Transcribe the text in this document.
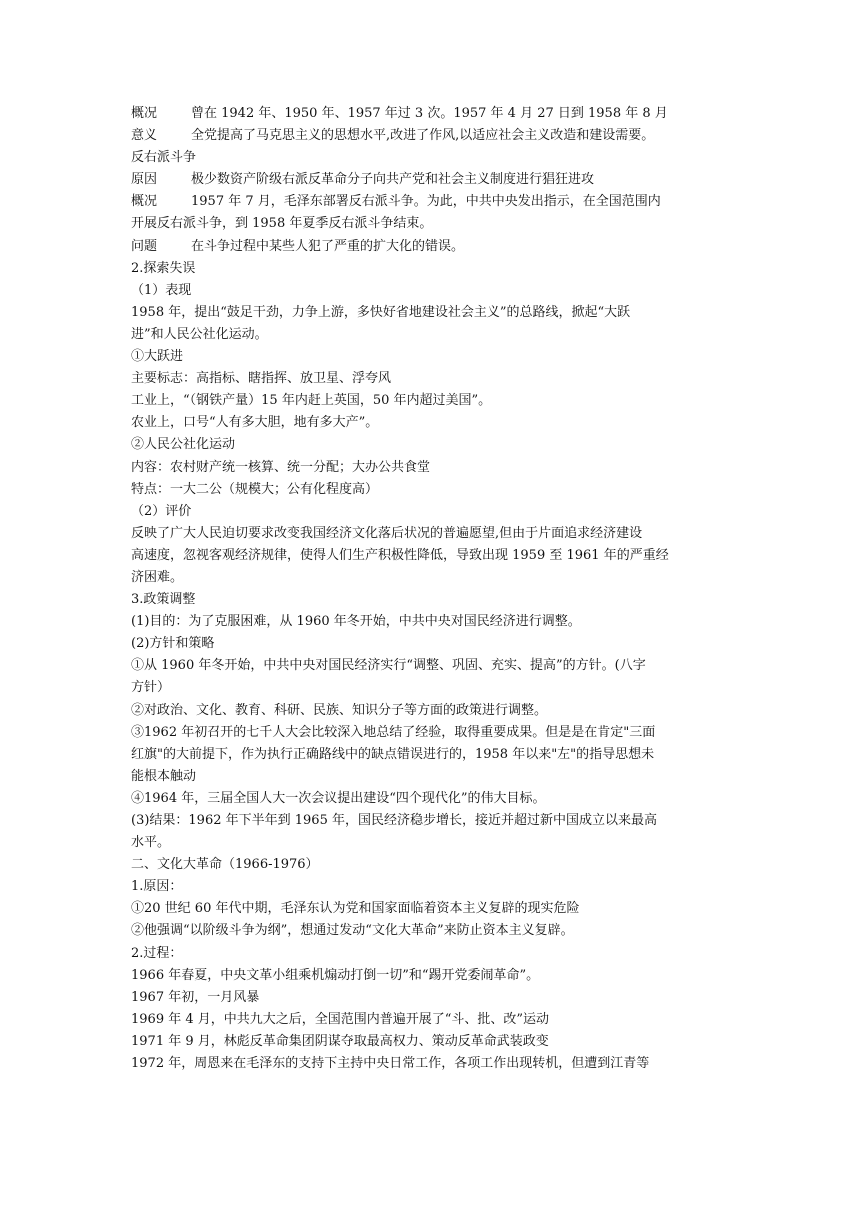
概况	曾在 1942 年、1950 年、1957 年过 3 次。1957 年 4 月 27 日到 1958 年 8 月
意义	全党提高了马克思主义的思想水平,改进了作风,以适应社会主义改造和建设需要。
反右派斗争
原因	极少数资产阶级右派反革命分子向共产党和社会主义制度进行猖狂进攻
概况	1957 年 7 月，毛泽东部署反右派斗争。为此，中共中央发出指示，在全国范围内
开展反右派斗争，到 1958 年夏季反右派斗争结束。
问题	在斗争过程中某些人犯了严重的扩大化的错误。
2.探索失误
（1）表现
1958 年，提出“鼓足干劲，力争上游，多快好省地建设社会主义”的总路线，掀起“大跃
进”和人民公社化运动。
①大跃进
主要标志：高指标、瞎指挥、放卫星、浮夸风
工业上，“（钢铁产量）15 年内赶上英国，50 年内超过美国”。
农业上，口号“人有多大胆，地有多大产”。
②人民公社化运动
内容：农村财产统一核算、统一分配；大办公共食堂
特点：一大二公（规模大；公有化程度高）
（2）评价
反映了广大人民迫切要求改变我国经济文化落后状况的普遍愿望,但由于片面追求经济建设
高速度，忽视客观经济规律，使得人们生产积极性降低，导致出现 1959 至 1961 年的严重经
济困难。
3.政策调整
(1)目的：为了克服困难，从 1960 年冬开始，中共中央对国民经济进行调整。
(2)方针和策略
①从 1960 年冬开始，中共中央对国民经济实行“调整、巩固、充实、提高”的方针。(八字
方针）
②对政治、文化、教育、科研、民族、知识分子等方面的政策进行调整。
③1962 年初召开的七千人大会比较深入地总结了经验，取得重要成果。但是是在肯定"三面
红旗"的大前提下，作为执行正确路线中的缺点错误进行的，1958 年以来"左"的指导思想未
能根本触动
④1964 年，三届全国人大一次会议提出建设“四个现代化”的伟大目标。
(3)结果：1962 年下半年到 1965 年，国民经济稳步增长，接近并超过新中国成立以来最高
水平。
二、文化大革命（1966-1976）
1.原因：
①20 世纪 60 年代中期，毛泽东认为党和国家面临着资本主义复辟的现实危险
②他强调“以阶级斗争为纲”，想通过发动“文化大革命”来防止资本主义复辟。
2.过程：
1966 年春夏，中央文革小组乘机煽动打倒一切”和“踢开党委闹革命”。
1967 年初，一月风暴
1969 年 4 月，中共九大之后，全国范围内普遍开展了“斗、批、改”运动
1971 年 9 月，林彪反革命集团阴谋夺取最高权力、策动反革命武装政变
1972 年，周恩来在毛泽东的支持下主持中央日常工作，各项工作出现转机，但遭到江青等
